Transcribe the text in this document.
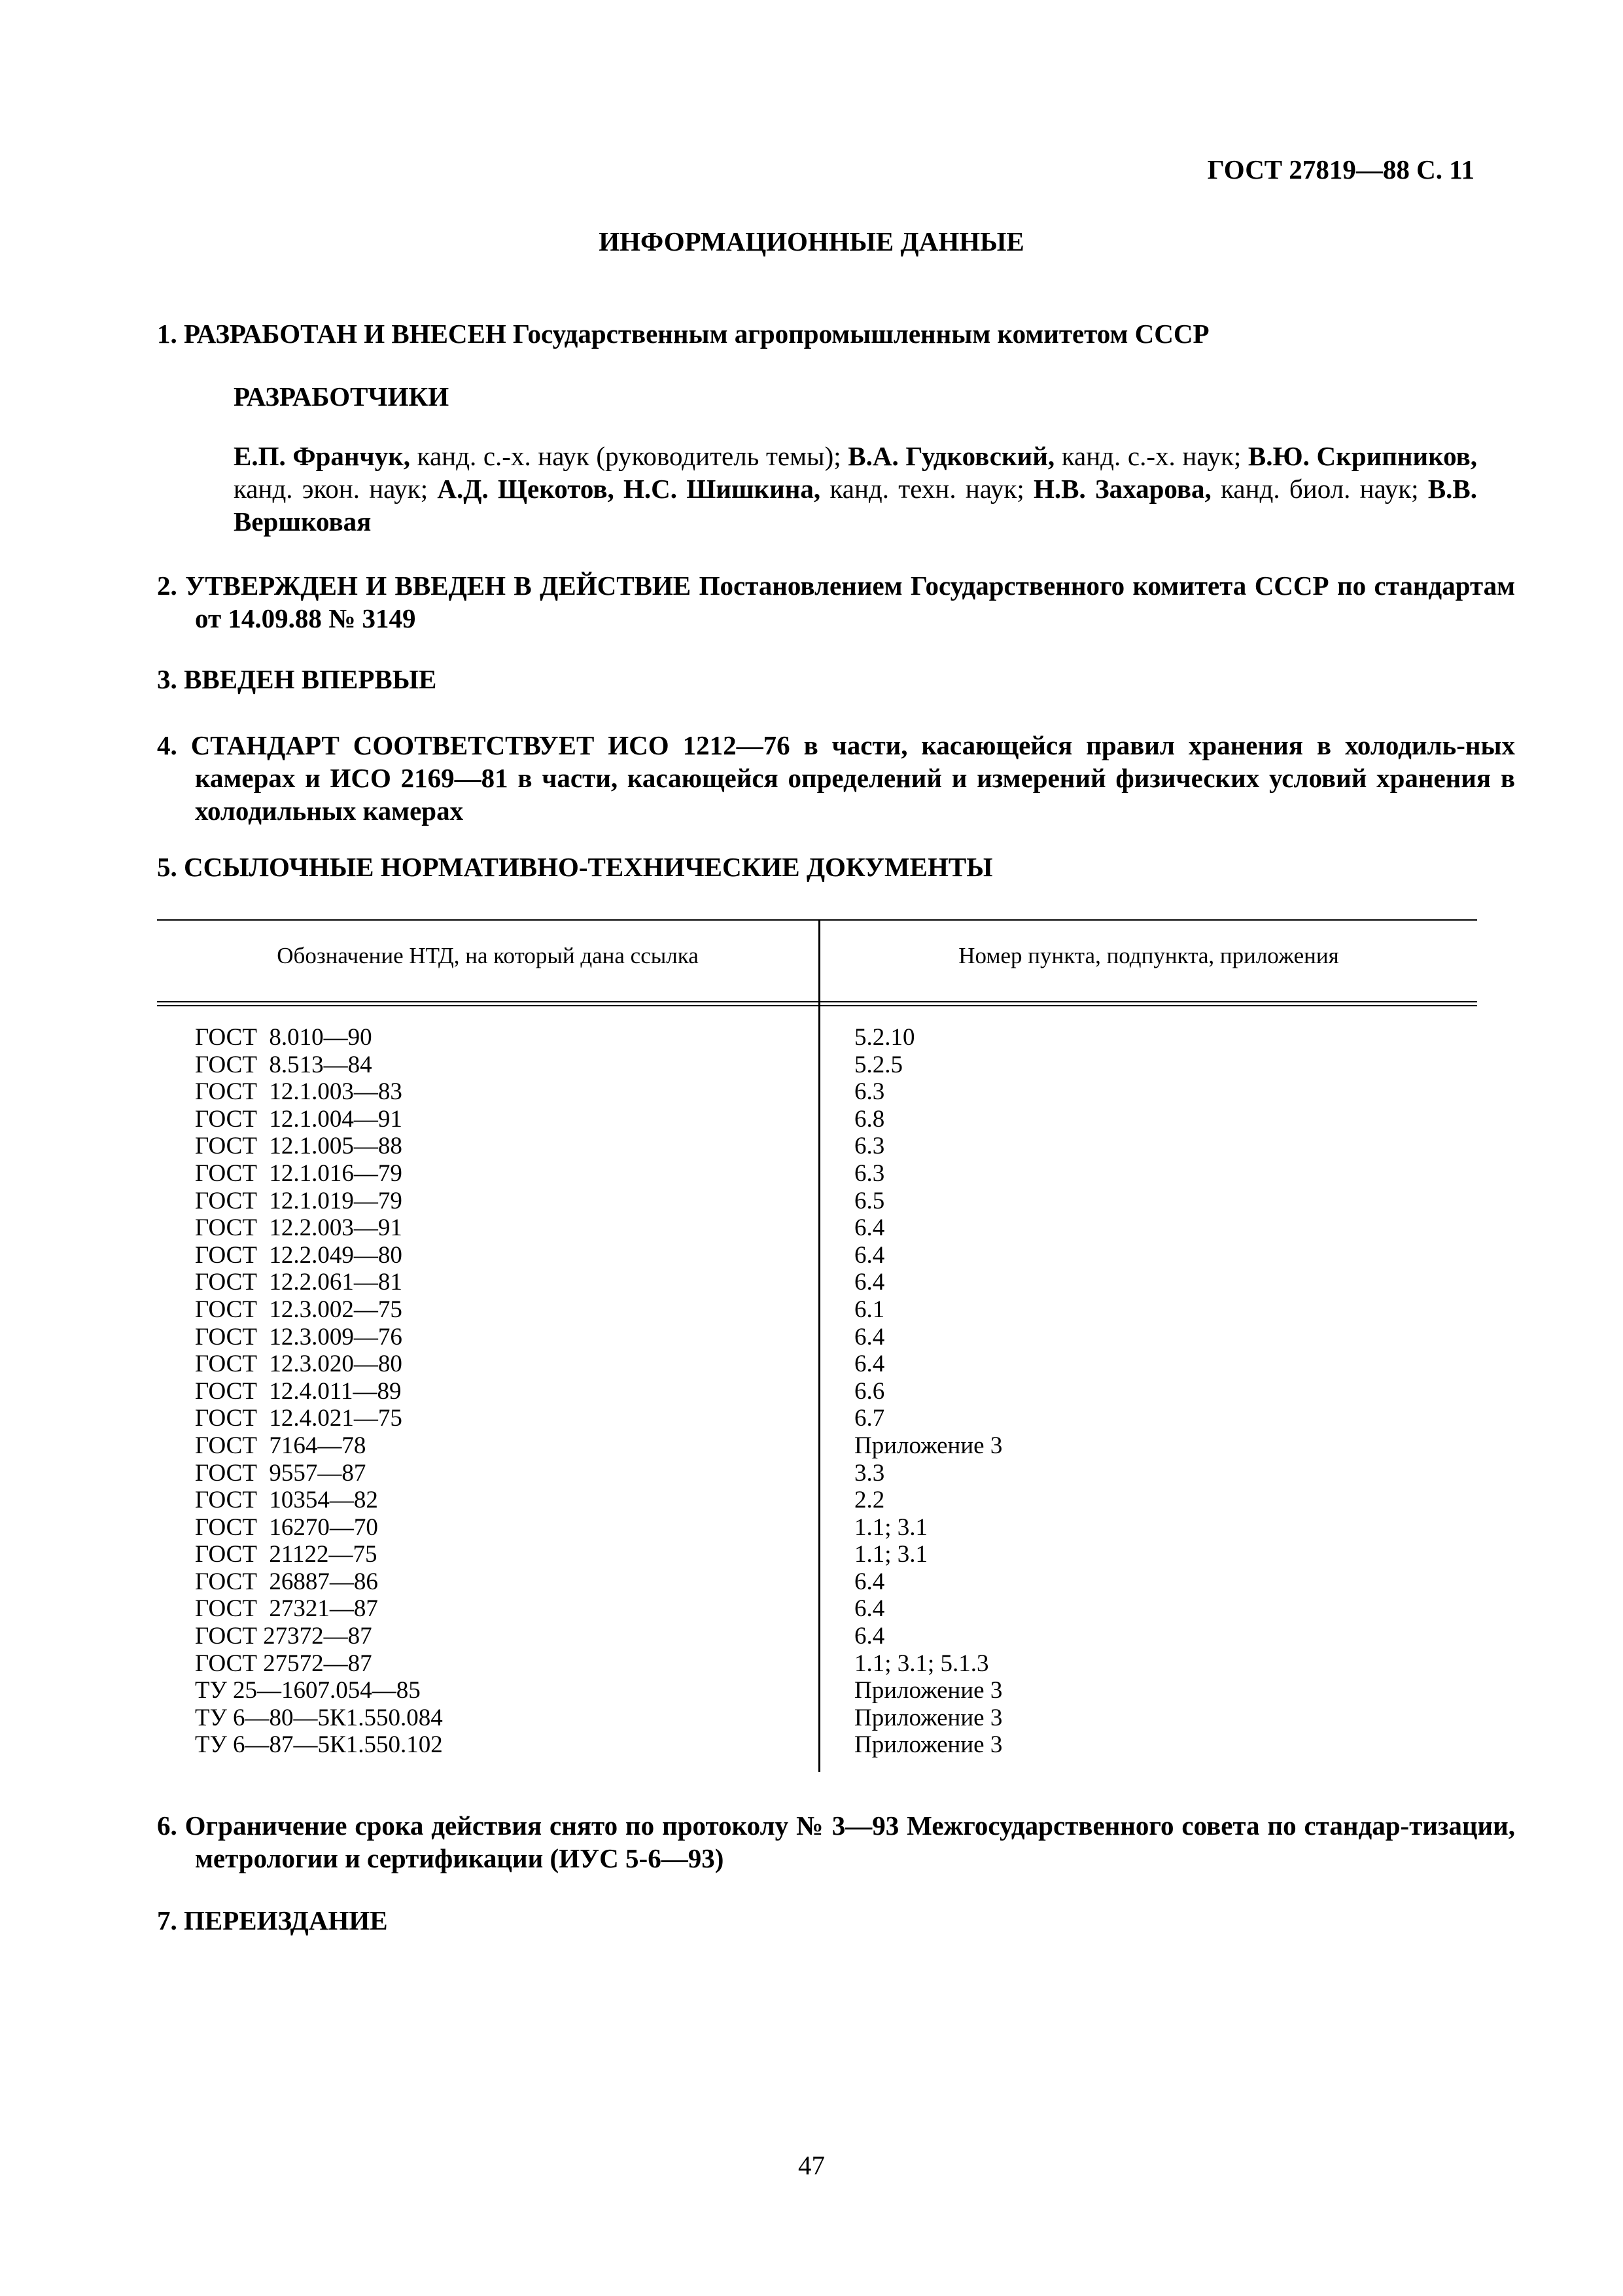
ГОСТ 27819—88 С. 11
ИНФОРМАЦИОННЫЕ ДАННЫЕ
1. РАЗРАБОТАН И ВНЕСЕН Государственным агропромышленным комитетом СССР
РАЗРАБОТЧИКИ
Е.П. Франчук, канд. с.-х. наук (руководитель темы); В.А. Гудковский, канд. с.-х. наук; В.Ю. Скрипников, канд. экон. наук; А.Д. Щекотов, Н.С. Шишкина, канд. техн. наук; Н.В. Захарова, канд. биол. наук; В.В. Вершковая
2. УТВЕРЖДЕН И ВВЕДЕН В ДЕЙСТВИЕ Постановлением Государственного комитета СССР по стандартам от 14.09.88 № 3149
3. ВВЕДЕН ВПЕРВЫЕ
4. СТАНДАРТ СООТВЕТСТВУЕТ ИСО 1212—76 в части, касающейся правил хранения в холодиль-ных камерах и ИСО 2169—81 в части, касающейся определений и измерений физических условий хранения в холодильных камерах
5. ССЫЛОЧНЫЕ НОРМАТИВНО-ТЕХНИЧЕСКИЕ ДОКУМЕНТЫ
Обозначение НТД, на который дана ссылка	Номер пункта, подпункта, приложения
ГОСТ  8.010—90
ГОСТ  8.513—84
ГОСТ  12.1.003—83
ГОСТ  12.1.004—91
ГОСТ  12.1.005—88
ГОСТ  12.1.016—79
ГОСТ  12.1.019—79
ГОСТ  12.2.003—91
ГОСТ  12.2.049—80
ГОСТ  12.2.061—81
ГОСТ  12.3.002—75
ГОСТ  12.3.009—76
ГОСТ  12.3.020—80
ГОСТ  12.4.011—89
ГОСТ  12.4.021—75
ГОСТ  7164—78
ГОСТ  9557—87
ГОСТ  10354—82
ГОСТ  16270—70
ГОСТ  21122—75
ГОСТ  26887—86
ГОСТ  27321—87
ГОСТ 27372—87
ГОСТ 27572—87
ТУ 25—1607.054—85
ТУ 6—80—5К1.550.084
ТУ 6—87—5К1.550.102
5.2.10
5.2.5
6.3
6.8
6.3
6.3
6.5
6.4
6.4
6.4
6.1
6.4
6.4
6.6
6.7
Приложение 3
3.3
2.2
1.1; 3.1
1.1; 3.1
6.4
6.4
6.4
1.1; 3.1; 5.1.3
Приложение 3
Приложение 3
Приложение 3
6. Ограничение срока действия снято по протоколу № 3—93 Межгосударственного совета по стандар-тизации, метрологии и сертификации (ИУС 5-6—93)
7. ПЕРЕИЗДАНИЕ
47
